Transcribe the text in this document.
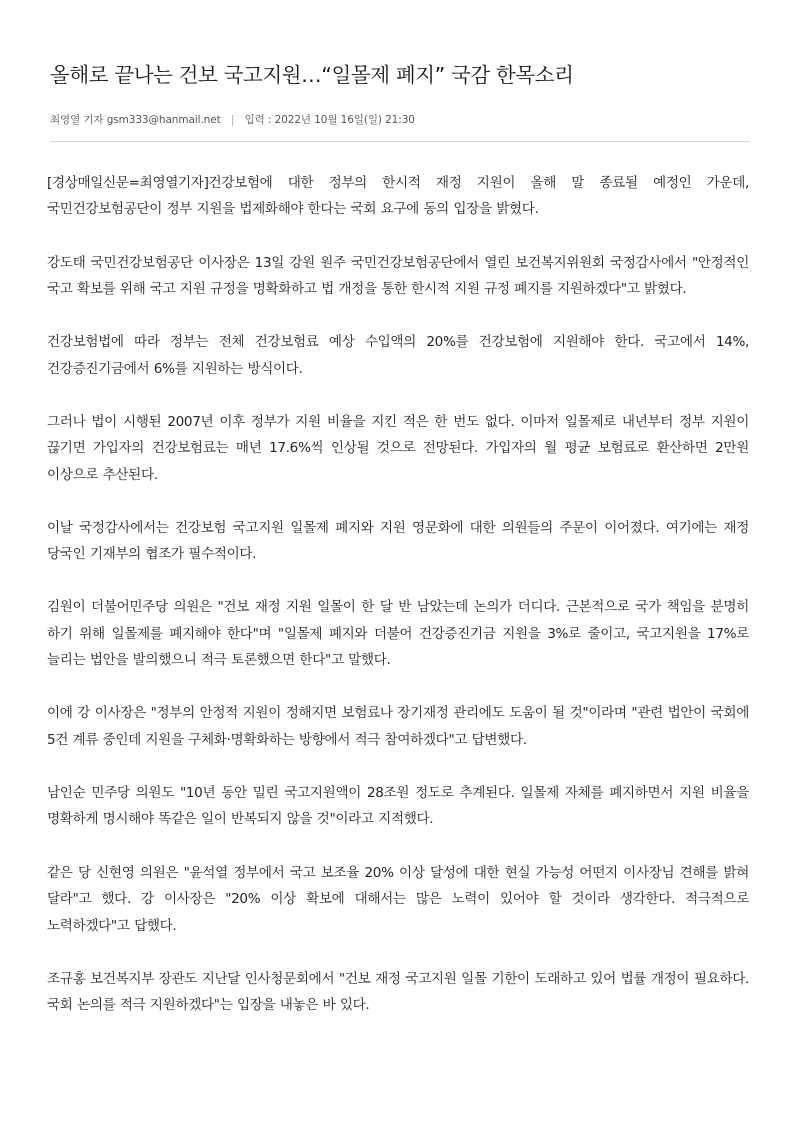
올해로 끝나는 건보 국고지원…“일몰제 폐지” 국감 한목소리
최영열 기자 gsm333@hanmail.net | 입력 : 2022년 10월 16일(일) 21:30

[경상매일신문=최영열기자]건강보험에 대한 정부의 한시적 재정 지원이 올해 말 종료될 예정인 가운데, 국민건강보험공단이 정부 지원을 법제화해야 한다는 국회 요구에 동의 입장을 밝혔다.

강도태 국민건강보험공단 이사장은 13일 강원 원주 국민건강보험공단에서 열린 보건복지위원회 국정감사에서 "안정적인 국고 확보를 위해 국고 지원 규정을 명확화하고 법 개정을 통한 한시적 지원 규정 폐지를 지원하겠다"고 밝혔다.

건강보험법에 따라 정부는 전체 건강보험료 예상 수입액의 20%를 건강보험에 지원해야 한다. 국고에서 14%, 건강증진기금에서 6%를 지원하는 방식이다.

그러나 법이 시행된 2007년 이후 정부가 지원 비율을 지킨 적은 한 번도 없다. 이마저 일몰제로 내년부터 정부 지원이 끊기면 가입자의 건강보험료는 매년 17.6%씩 인상될 것으로 전망된다. 가입자의 월 평균 보험료로 환산하면 2만원 이상으로 추산된다.

이날 국정감사에서는 건강보험 국고지원 일몰제 폐지와 지원 영문화에 대한 의원들의 주문이 이어졌다. 여기에는 재정 당국인 기재부의 협조가 필수적이다.

김원이 더불어민주당 의원은 "건보 재정 지원 일몰이 한 달 반 남았는데 논의가 더디다. 근본적으로 국가 책임을 분명히 하기 위해 일몰제를 폐지해야 한다"며 "일몰제 폐지와 더불어 건강증진기금 지원을 3%로 줄이고, 국고지원을 17%로 늘리는 법안을 발의했으니 적극 토론했으면 한다"고 말했다.

이에 강 이사장은 "정부의 안정적 지원이 정해지면 보험료나 장기재정 관리에도 도움이 될 것"이라며 "관련 법안이 국회에 5건 계류 중인데 지원을 구체화·명확화하는 방향에서 적극 참여하겠다"고 답변했다.

남인순 민주당 의원도 "10년 동안 밀린 국고지원액이 28조원 정도로 추계된다. 일몰제 자체를 폐지하면서 지원 비율을 명확하게 명시해야 똑같은 일이 반복되지 않을 것"이라고 지적했다.

같은 당 신현영 의원은 "윤석열 정부에서 국고 보조율 20% 이상 달성에 대한 현실 가능성 어떤지 이사장님 견해를 밝혀 달라"고 했다. 강 이사장은 "20% 이상 확보에 대해서는 많은 노력이 있어야 할 것이라 생각한다. 적극적으로 노력하겠다"고 답했다.

조규홍 보건복지부 장관도 지난달 인사청문회에서 "건보 재정 국고지원 일몰 기한이 도래하고 있어 법률 개정이 필요하다. 국회 논의를 적극 지원하겠다"는 입장을 내놓은 바 있다.
